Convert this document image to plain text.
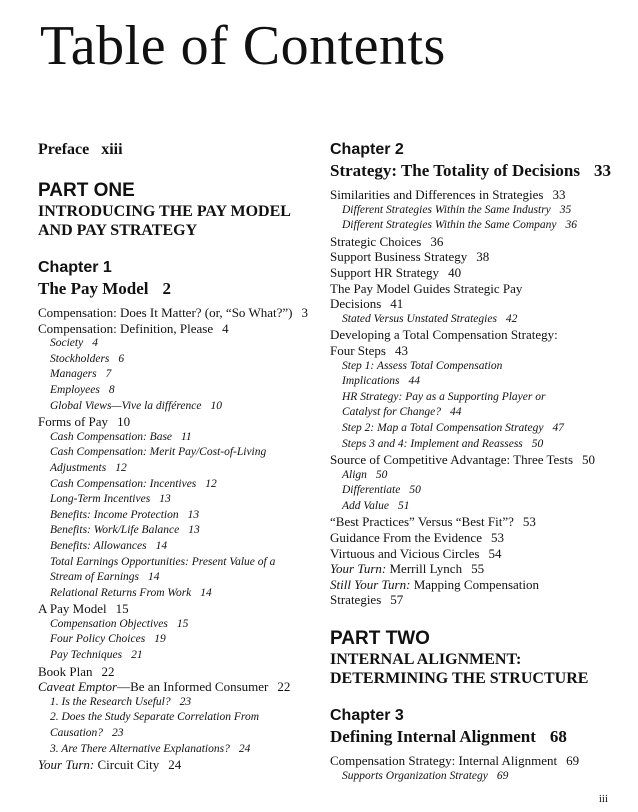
Table of Contents
Preface xiii
PART ONE
INTRODUCING THE PAY MODEL
AND PAY STRATEGY
Chapter 1
The Pay Model 2
Compensation: Does It Matter? (or, “So What?”) 3
Compensation: Definition, Please 4
Society 4
Stockholders 6
Managers 7
Employees 8
Global Views—Vive la différence 10
Forms of Pay 10
Cash Compensation: Base 11
Cash Compensation: Merit Pay/Cost-of-Living
Adjustments 12
Cash Compensation: Incentives 12
Long-Term Incentives 13
Benefits: Income Protection 13
Benefits: Work/Life Balance 13
Benefits: Allowances 14
Total Earnings Opportunities: Present Value of a
Stream of Earnings 14
Relational Returns From Work 14
A Pay Model 15
Compensation Objectives 15
Four Policy Choices 19
Pay Techniques 21
Book Plan 22
Caveat Emptor—Be an Informed Consumer 22
1. Is the Research Useful? 23
2. Does the Study Separate Correlation From
Causation? 23
3. Are There Alternative Explanations? 24
Your Turn: Circuit City 24
Chapter 2
Strategy: The Totality of Decisions 33
Similarities and Differences in Strategies 33
Different Strategies Within the Same Industry 35
Different Strategies Within the Same Company 36
Strategic Choices 36
Support Business Strategy 38
Support HR Strategy 40
The Pay Model Guides Strategic Pay
Decisions 41
Stated Versus Unstated Strategies 42
Developing a Total Compensation Strategy:
Four Steps 43
Step 1: Assess Total Compensation
Implications 44
HR Strategy: Pay as a Supporting Player or
Catalyst for Change? 44
Step 2: Map a Total Compensation Strategy 47
Steps 3 and 4: Implement and Reassess 50
Source of Competitive Advantage: Three Tests 50
Align 50
Differentiate 50
Add Value 51
“Best Practices” Versus “Best Fit”? 53
Guidance From the Evidence 53
Virtuous and Vicious Circles 54
Your Turn: Merrill Lynch 55
Still Your Turn: Mapping Compensation
Strategies 57
PART TWO
INTERNAL ALIGNMENT:
DETERMINING THE STRUCTURE
Chapter 3
Defining Internal Alignment 68
Compensation Strategy: Internal Alignment 69
Supports Organization Strategy 69
iii
